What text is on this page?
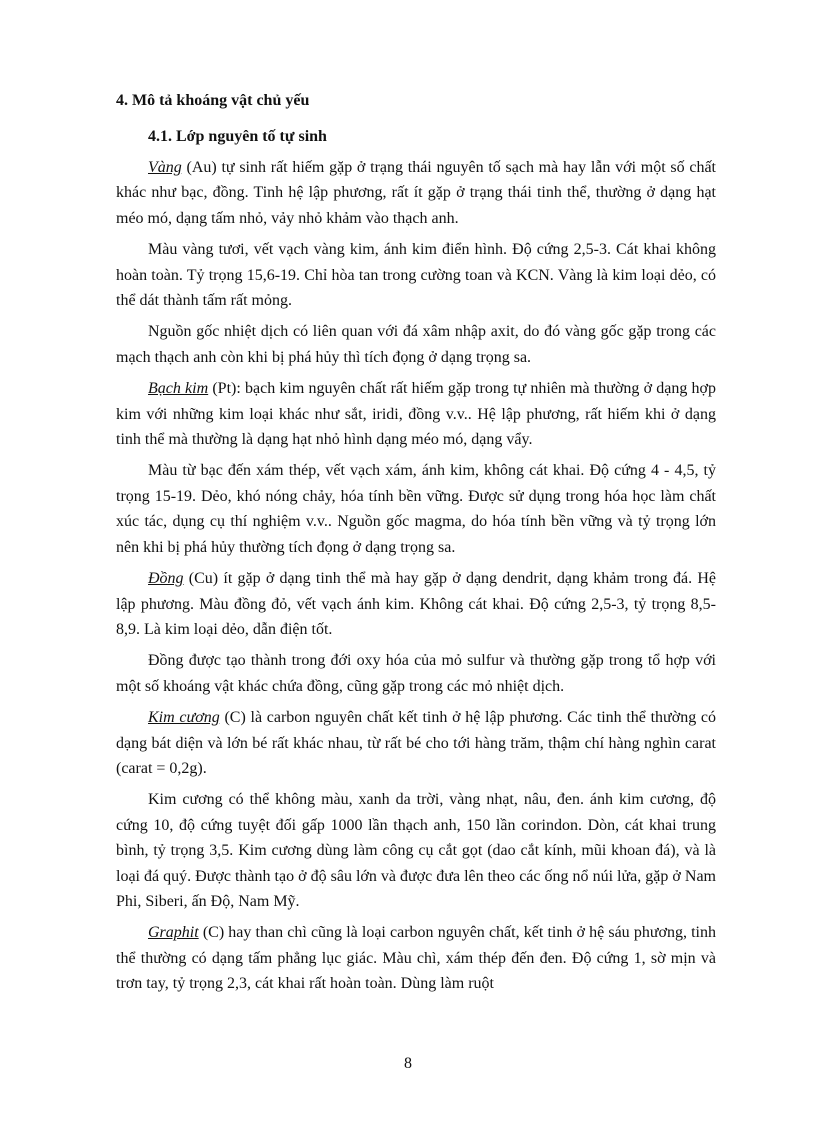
4. Mô tả khoáng vật chủ yếu
4.1. Lớp nguyên tố tự sinh

Vàng (Au) tự sinh rất hiếm gặp ở trạng thái nguyên tố sạch mà hay lẫn với một số chất khác như bạc, đồng. Tinh hệ lập phương, rất ít gặp ở trạng thái tinh thể, thường ở dạng hạt méo mó, dạng tấm nhỏ, vảy nhỏ khảm vào thạch anh.

Màu vàng tươi, vết vạch vàng kim, ánh kim điển hình. Độ cứng 2,5-3. Cát khai không hoàn toàn. Tỷ trọng 15,6-19. Chỉ hòa tan trong cường toan và KCN. Vàng là kim loại dẻo, có thể dát thành tấm rất mỏng.

Nguồn gốc nhiệt dịch có liên quan với đá xâm nhập axit, do đó vàng gốc gặp trong các mạch thạch anh còn khi bị phá hủy thì tích đọng ở dạng trọng sa.

Bạch kim (Pt): bạch kim nguyên chất rất hiếm gặp trong tự nhiên mà thường ở dạng hợp kim với những kim loại khác như sắt, iridi, đồng v.v.. Hệ lập phương, rất hiếm khi ở dạng tinh thể mà thường là dạng hạt nhỏ hình dạng méo mó, dạng vẩy.

Màu từ bạc đến xám thép, vết vạch xám, ánh kim, không cát khai. Độ cứng 4 - 4,5, tỷ trọng 15-19. Dẻo, khó nóng chảy, hóa tính bền vững. Được sử dụng trong hóa học làm chất xúc tác, dụng cụ thí nghiệm v.v.. Nguồn gốc magma, do hóa tính bền vững và tỷ trọng lớn nên khi bị phá hủy thường tích đọng ở dạng trọng sa.

Đồng (Cu) ít gặp ở dạng tinh thể mà hay gặp ở dạng dendrit, dạng khảm trong đá. Hệ lập phương. Màu đồng đỏ, vết vạch ánh kim. Không cát khai. Độ cứng 2,5-3, tỷ trọng 8,5-8,9. Là kim loại dẻo, dẫn điện tốt.

Đồng được tạo thành trong đới oxy hóa của mỏ sulfur và thường gặp trong tổ hợp với một số khoáng vật khác chứa đồng, cũng gặp trong các mỏ nhiệt dịch.

Kim cương (C) là carbon nguyên chất kết tinh ở hệ lập phương. Các tinh thể thường có dạng bát diện và lớn bé rất khác nhau, từ rất bé cho tới hàng trăm, thậm chí hàng nghìn carat (carat = 0,2g).

Kim cương có thể không màu, xanh da trời, vàng nhạt, nâu, đen. ánh kim cương, độ cứng 10, độ cứng tuyệt đối gấp 1000 lần thạch anh, 150 lần corindon. Dòn, cát khai trung bình, tỷ trọng 3,5. Kim cương dùng làm công cụ cắt gọt (dao cắt kính, mũi khoan đá), và là loại đá quý. Được thành tạo ở độ sâu lớn và được đưa lên theo các ống nổ núi lửa, gặp ở Nam Phi, Siberi, ấn Độ, Nam Mỹ.

Graphit (C) hay than chì cũng là loại carbon nguyên chất, kết tinh ở hệ sáu phương, tinh thể thường có dạng tấm phẳng lục giác. Màu chì, xám thép đến đen. Độ cứng 1, sờ mịn và trơn tay, tỷ trọng 2,3, cát khai rất hoàn toàn. Dùng làm ruột

8
